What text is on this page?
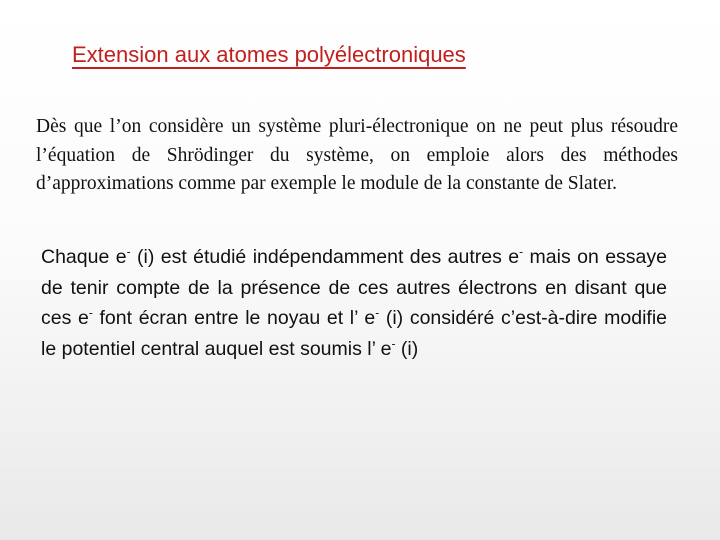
Extension aux atomes polyélectroniques

Dès que l’on considère un système pluri-électronique on ne peut plus résoudre l’équation de Shrödinger du système, on emploie alors des méthodes d’approximations comme par exemple le module de la constante de Slater.

Chaque e- (i) est étudié indépendamment des autres e- mais on essaye de tenir compte de la présence de ces autres électrons en disant que ces e- font écran entre le noyau et l’ e- (i) considéré c’est-à-dire modifie le potentiel central auquel est soumis l’ e- (i)
